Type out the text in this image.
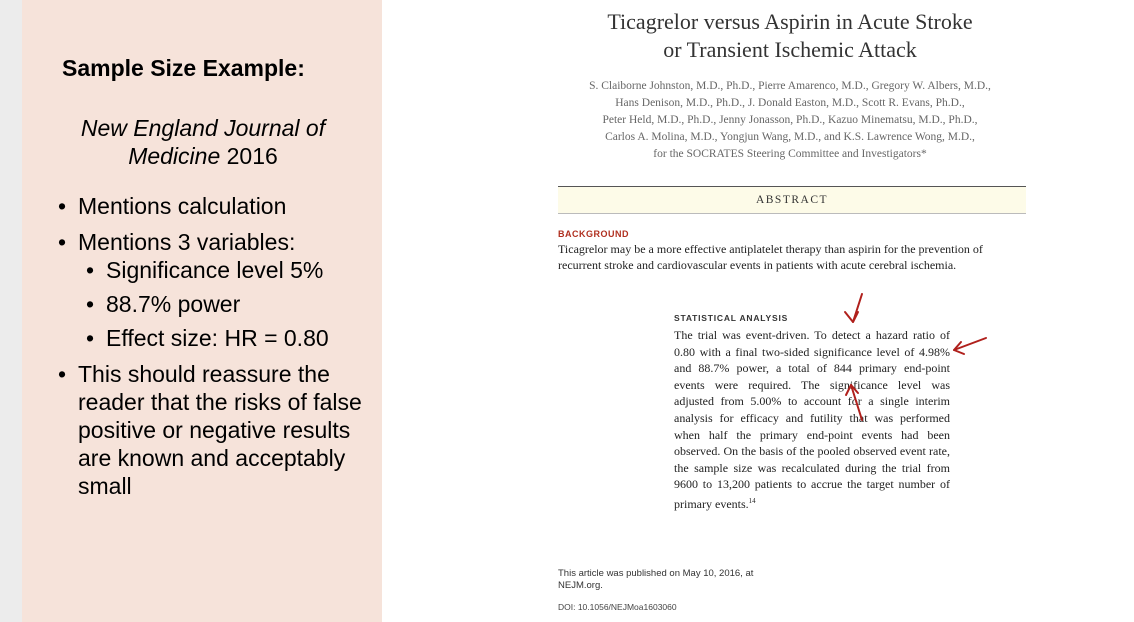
Sample Size Example:
New England Journal of Medicine 2016
• Mentions calculation
• Mentions 3 variables:
• Significance level 5%
• 88.7% power
• Effect size: HR = 0.80
• This should reassure the reader that the risks of false positive or negative results are known and acceptably small
Ticagrelor versus Aspirin in Acute Stroke
or Transient Ischemic Attack
S. Claiborne Johnston, M.D., Ph.D., Pierre Amarenco, M.D., Gregory W. Albers, M.D.,
Hans Denison, M.D., Ph.D., J. Donald Easton, M.D., Scott R. Evans, Ph.D.,
Peter Held, M.D., Ph.D., Jenny Jonasson, Ph.D., Kazuo Minematsu, M.D., Ph.D.,
Carlos A. Molina, M.D., Yongjun Wang, M.D., and K.S. Lawrence Wong, M.D.,
for the SOCRATES Steering Committee and Investigators*
ABSTRACT
BACKGROUND
Ticagrelor may be a more effective antiplatelet therapy than aspirin for the prevention of recurrent stroke and cardiovascular events in patients with acute cerebral ischemia.
STATISTICAL ANALYSIS
The trial was event-driven. To detect a hazard ratio of 0.80 with a final two-sided significance level of 4.98% and 88.7% power, a total of 844 primary end-point events were required. The significance level was adjusted from 5.00% to account for a single interim analysis for efficacy and futility that was performed when half the primary end-point events had been observed. On the basis of the pooled observed event rate, the sample size was recalculated during the trial from 9600 to 13,200 patients to accrue the target number of primary events.$^{14}$
This article was published on May 10, 2016, at NEJM.org.
DOI: 10.1056/NEJMoa1603060
